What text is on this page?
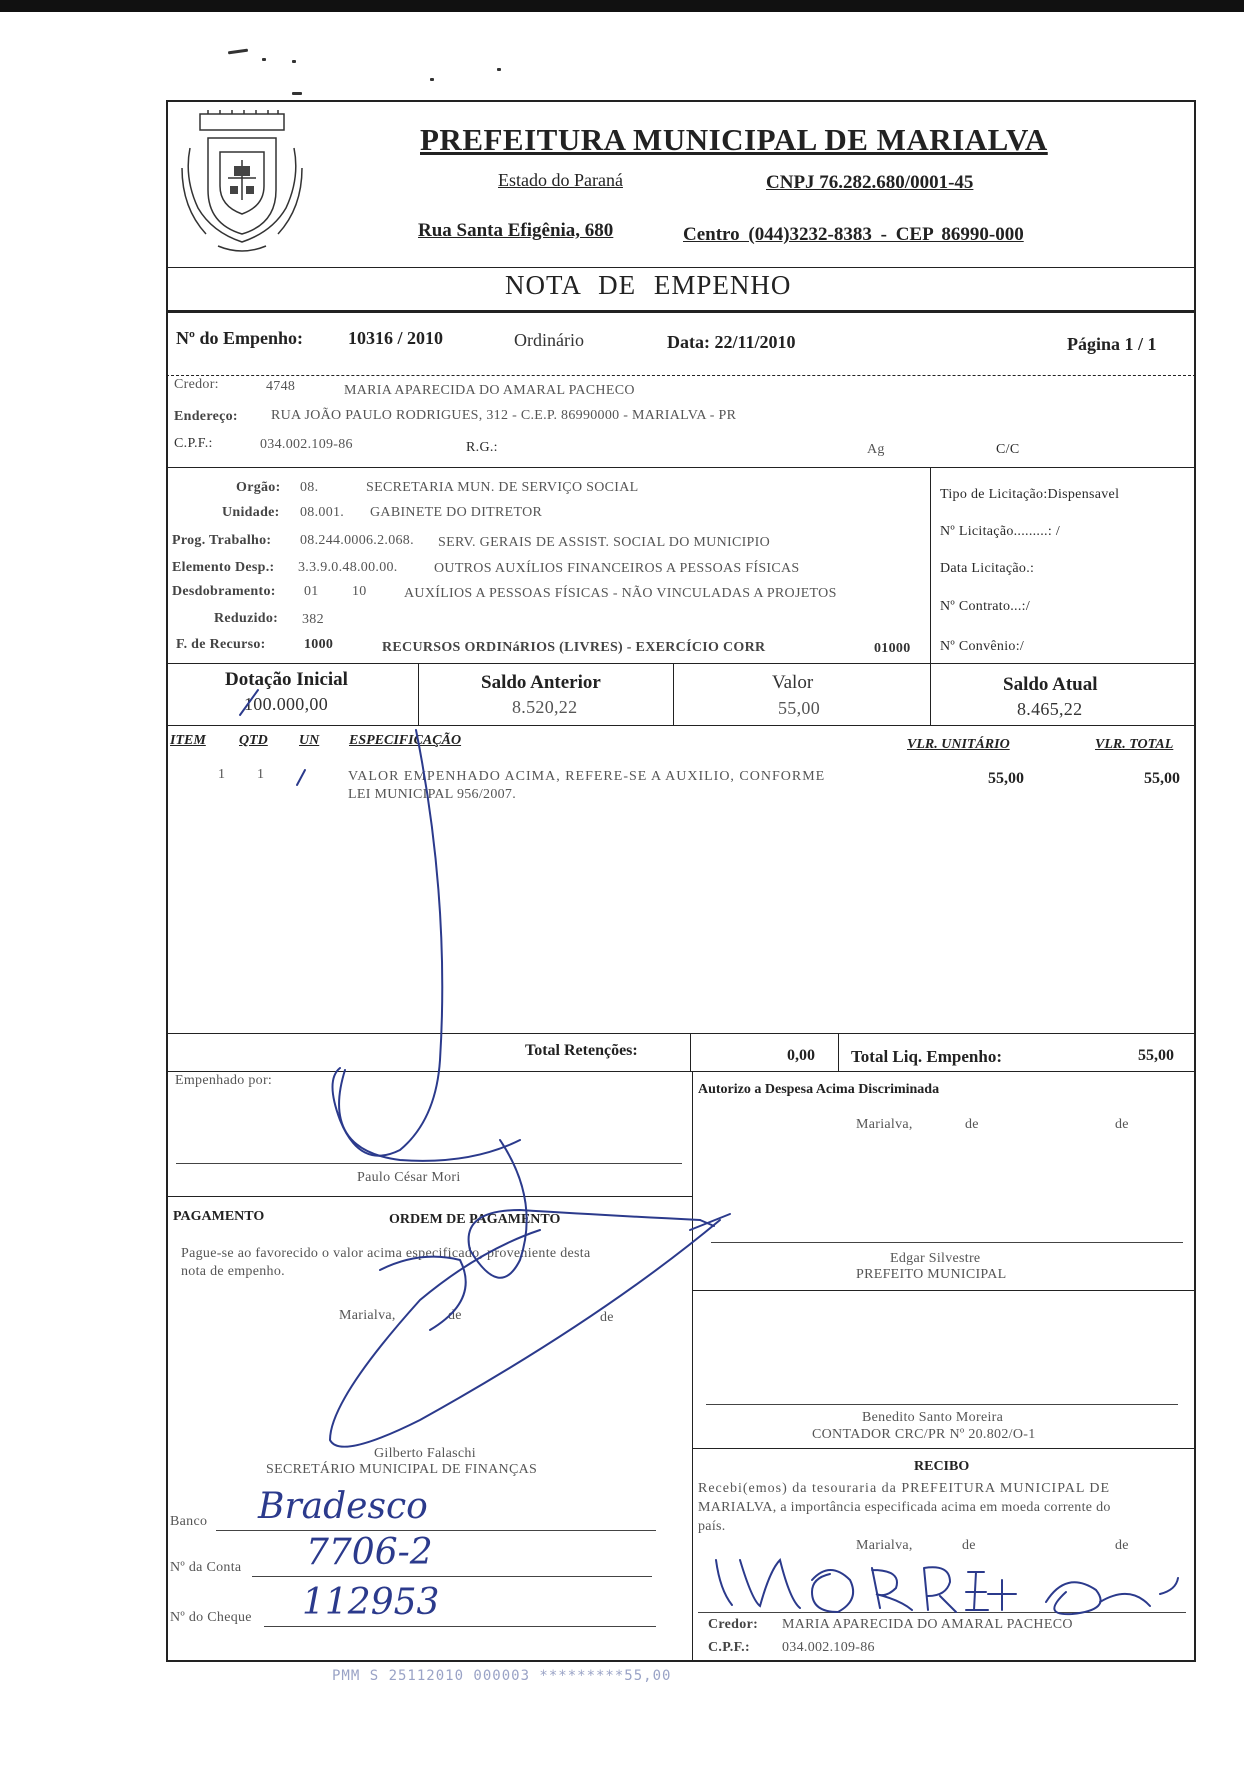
PREFEITURA MUNICIPAL DE MARIALVA
Estado do Paraná	CNPJ 76.282.680/0001-45
Rua Santa Efigênia, 680	Centro (044)3232-8383 - CEP 86990-000
NOTA DE EMPENHO
Nº do Empenho:	10316 / 2010	Ordinário	Data: 22/11/2010	Página 1 / 1
Credor:	4748	MARIA APARECIDA DO AMARAL PACHECO
Endereço: RUA JOÃO PAULO RODRIGUES, 312 - C.E.P. 86990000 - MARIALVA - PR
C.P.F.:	034.002.109-86	R.G.:	Ag	C/C
Orgão: 08.	SECRETARIA MUN. DE SERVIÇO SOCIAL
Unidade: 08.001. GABINETE DO DITRETOR
Prog. Trabalho: 08.244.0006.2.068. SERV. GERAIS DE ASSIST. SOCIAL DO MUNICIPIO
Elemento Desp.: 3.3.9.0.48.00.00.	OUTROS AUXÍLIOS FINANCEIROS A PESSOAS FÍSICAS
Desdobramento: 01 10	AUXÍLIOS A PESSOAS FÍSICAS - NÃO VINCULADAS A PROJETOS
Reduzido: 382
F. de Recurso:	1000	RECURSOS ORDINáRIOS (LIVRES) - EXERCÍCIO CORR	01000
Tipo de Licitação:Dispensavel
Nº Licitação.........: /
Data Licitação.:
Nº Contrato...:/
Nº Convênio:/
Dotação Inicial
100.000,00
Saldo Anterior
8.520,22
Valor
55,00
Saldo Atual
8.465,22
ITEM QTD UN ESPECIFICAÇÃO	VLR. UNITÁRIO	VLR. TOTAL
1 1	VALOR EMPENHADO ACIMA, REFERE-SE A AUXILIO, CONFORME
LEI MUNICIPAL 956/2007.
55,00	55,00
Total Retenções:	0,00 Total Liq. Empenho:	55,00
Empenhado por:
Paulo César Mori
Autorizo a Despesa Acima Discriminada
Marialva,	de	de
Edgar Silvestre
PREFEITO MUNICIPAL
Benedito Santo Moreira
CONTADOR CRC/PR Nº 20.802/O-1
PAGAMENTO	ORDEM DE PAGAMENTO
Pague-se ao favorecido o valor acima especificado, proveniente desta
nota de empenho.
Marialva,	de	de
Gilberto Falaschi
SECRETÁRIO MUNICIPAL DE FINANÇAS	RECIBO
Recebi(emos) da tesouraria da PREFEITURA MUNICIPAL DE
MARIALVA, a importância especificada acima em moeda corrente do
país.
Marialva,	de	de
Credor: MARIA APARECIDA DO AMARAL PACHECO
C.P.F.: 034.002.109-86
Banco Bradesco
Nº da Conta 7706-2
Nº do Cheque 112953
PMM S 25112010 000003 *********55,00
